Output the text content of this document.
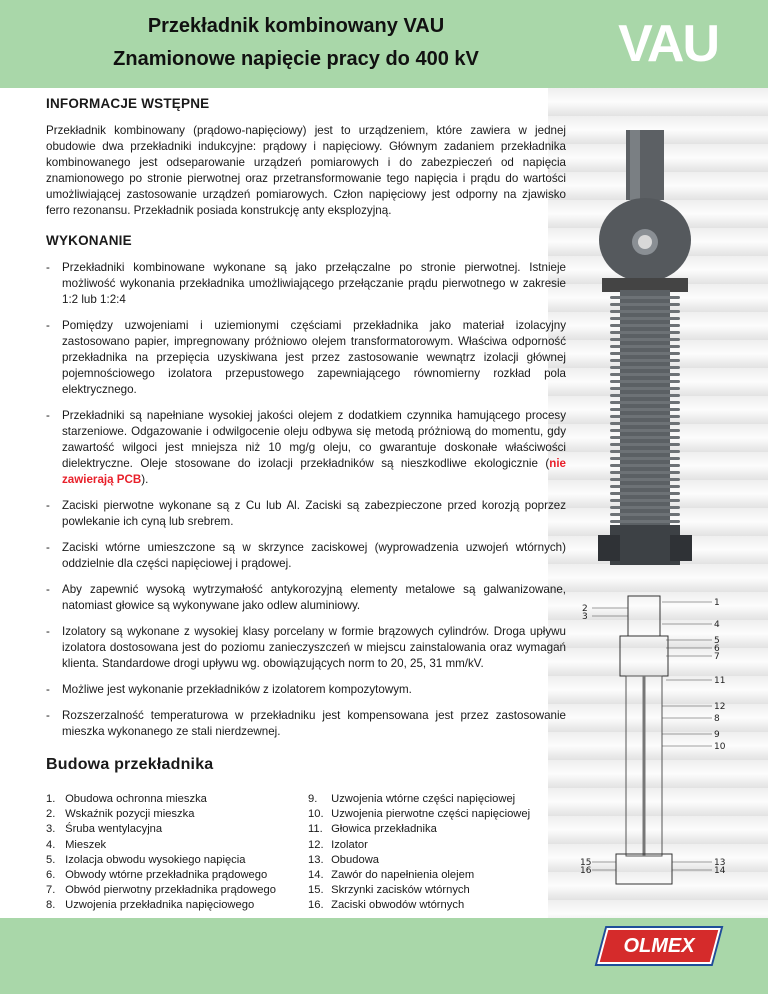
Przekładnik kombinowany VAU
Znamionowe napięcie pracy do 400 kV	VAU
INFORMACJE WSTĘPNE

Przekładnik kombinowany (prądowo-napięciowy) jest to urządzeniem, które zawiera w jednej obudowie dwa przekładniki indukcyjne: prądowy i napięciowy. Głównym zadaniem przekładnika kombinowanego jest odseparowanie urządzeń pomiarowych i do zabezpieczeń od napięcia znamionowego po stronie pierwotnej oraz przetransformowanie tego napięcia i prądu do wartości umożliwiającej zastosowanie urządzeń pomiarowych. Człon napięciowy jest odporny na zjawisko ferro rezonansu. Przekładnik posiada konstrukcję anty eksplozyjną.

WYKONANIE
- Przekładniki kombinowane wykonane są jako przełączalne po stronie pierwotnej. Istnieje możliwość wykonania przekładnika umożliwiającego przełączanie prądu pierwotnego w zakresie 1:2 lub 1:2:4
- Pomiędzy uzwojeniami i uziemionymi częściami przekładnika jako materiał izolacyjny zastosowano papier, impregnowany próżniowo olejem transformatorowym. Właściwa odporność przekładnika na przepięcia uzyskiwana jest przez zastosowanie wewnątrz izolacji głównej pojemnościowego izolatora przepustowego zapewniającego równomierny rozkład pola elektrycznego.
- Przekładniki są napełniane wysokiej jakości olejem z dodatkiem czynnika hamującego procesy starzeniowe. Odgazowanie i odwilgocenie oleju odbywa się metodą próżniową do momentu, gdy zawartość wilgoci jest mniejsza niż 10 mg/g oleju, co gwarantuje doskonałe właściwości dielektryczne. Oleje stosowane do izolacji przekładników są nieszkodliwe ekologicznie (nie zawierają PCB).
- Zaciski pierwotne wykonane są z Cu lub Al. Zaciski są zabezpieczone przed korozją poprzez powlekanie ich cyną lub srebrem.
- Zaciski wtórne umieszczone są w skrzynce zaciskowej (wyprowadzenia uzwojeń wtórnych) oddzielnie dla części napięciowej i prądowej.
- Aby zapewnić wysoką wytrzymałość antykorozyjną elementy metalowe są galwanizowane, natomiast głowice są wykonywane jako odlew aluminiowy.
- Izolatory są wykonane z wysokiej klasy porcelany w formie brązowych cylindrów. Droga upływu izolatora dostosowana jest do poziomu zanieczyszczeń w miejscu zainstalowania oraz wymagań klienta. Standardowe drogi upływu wg. obowiązujących norm to 20, 25, 31 mm/kV.
- Możliwe jest wykonanie przekładników z izolatorem kompozytowym.
- Rozszerzalność temperaturowa w przekładniku jest kompensowana jest przez zastosowanie mieszka wykonanego ze stali nierdzewnej.
Budowa przekładnika
1. Obudowa ochronna mieszka
2. Wskaźnik pozycji mieszka
3. Śruba wentylacyjna
4. Mieszek
5. Izolacja obwodu wysokiego napięcia
6. Obwody wtórne przekładnika prądowego
7. Obwód pierwotny przekładnika prądowego
8. Uzwojenia przekładnika napięciowego
9. Uzwojenia wtórne części napięciowej
10. Uzwojenia pierwotne części napięciowej
11. Głowica przekładnika
12. Izolator
13. Obudowa
14. Zawór do napełnienia olejem
15. Skrzynki zacisków wtórnych
16. Zaciski obwodów wtórnych
1
4
5
6
7
11
12
8
9
10
13
14
2
3
15
16
OLMEX
